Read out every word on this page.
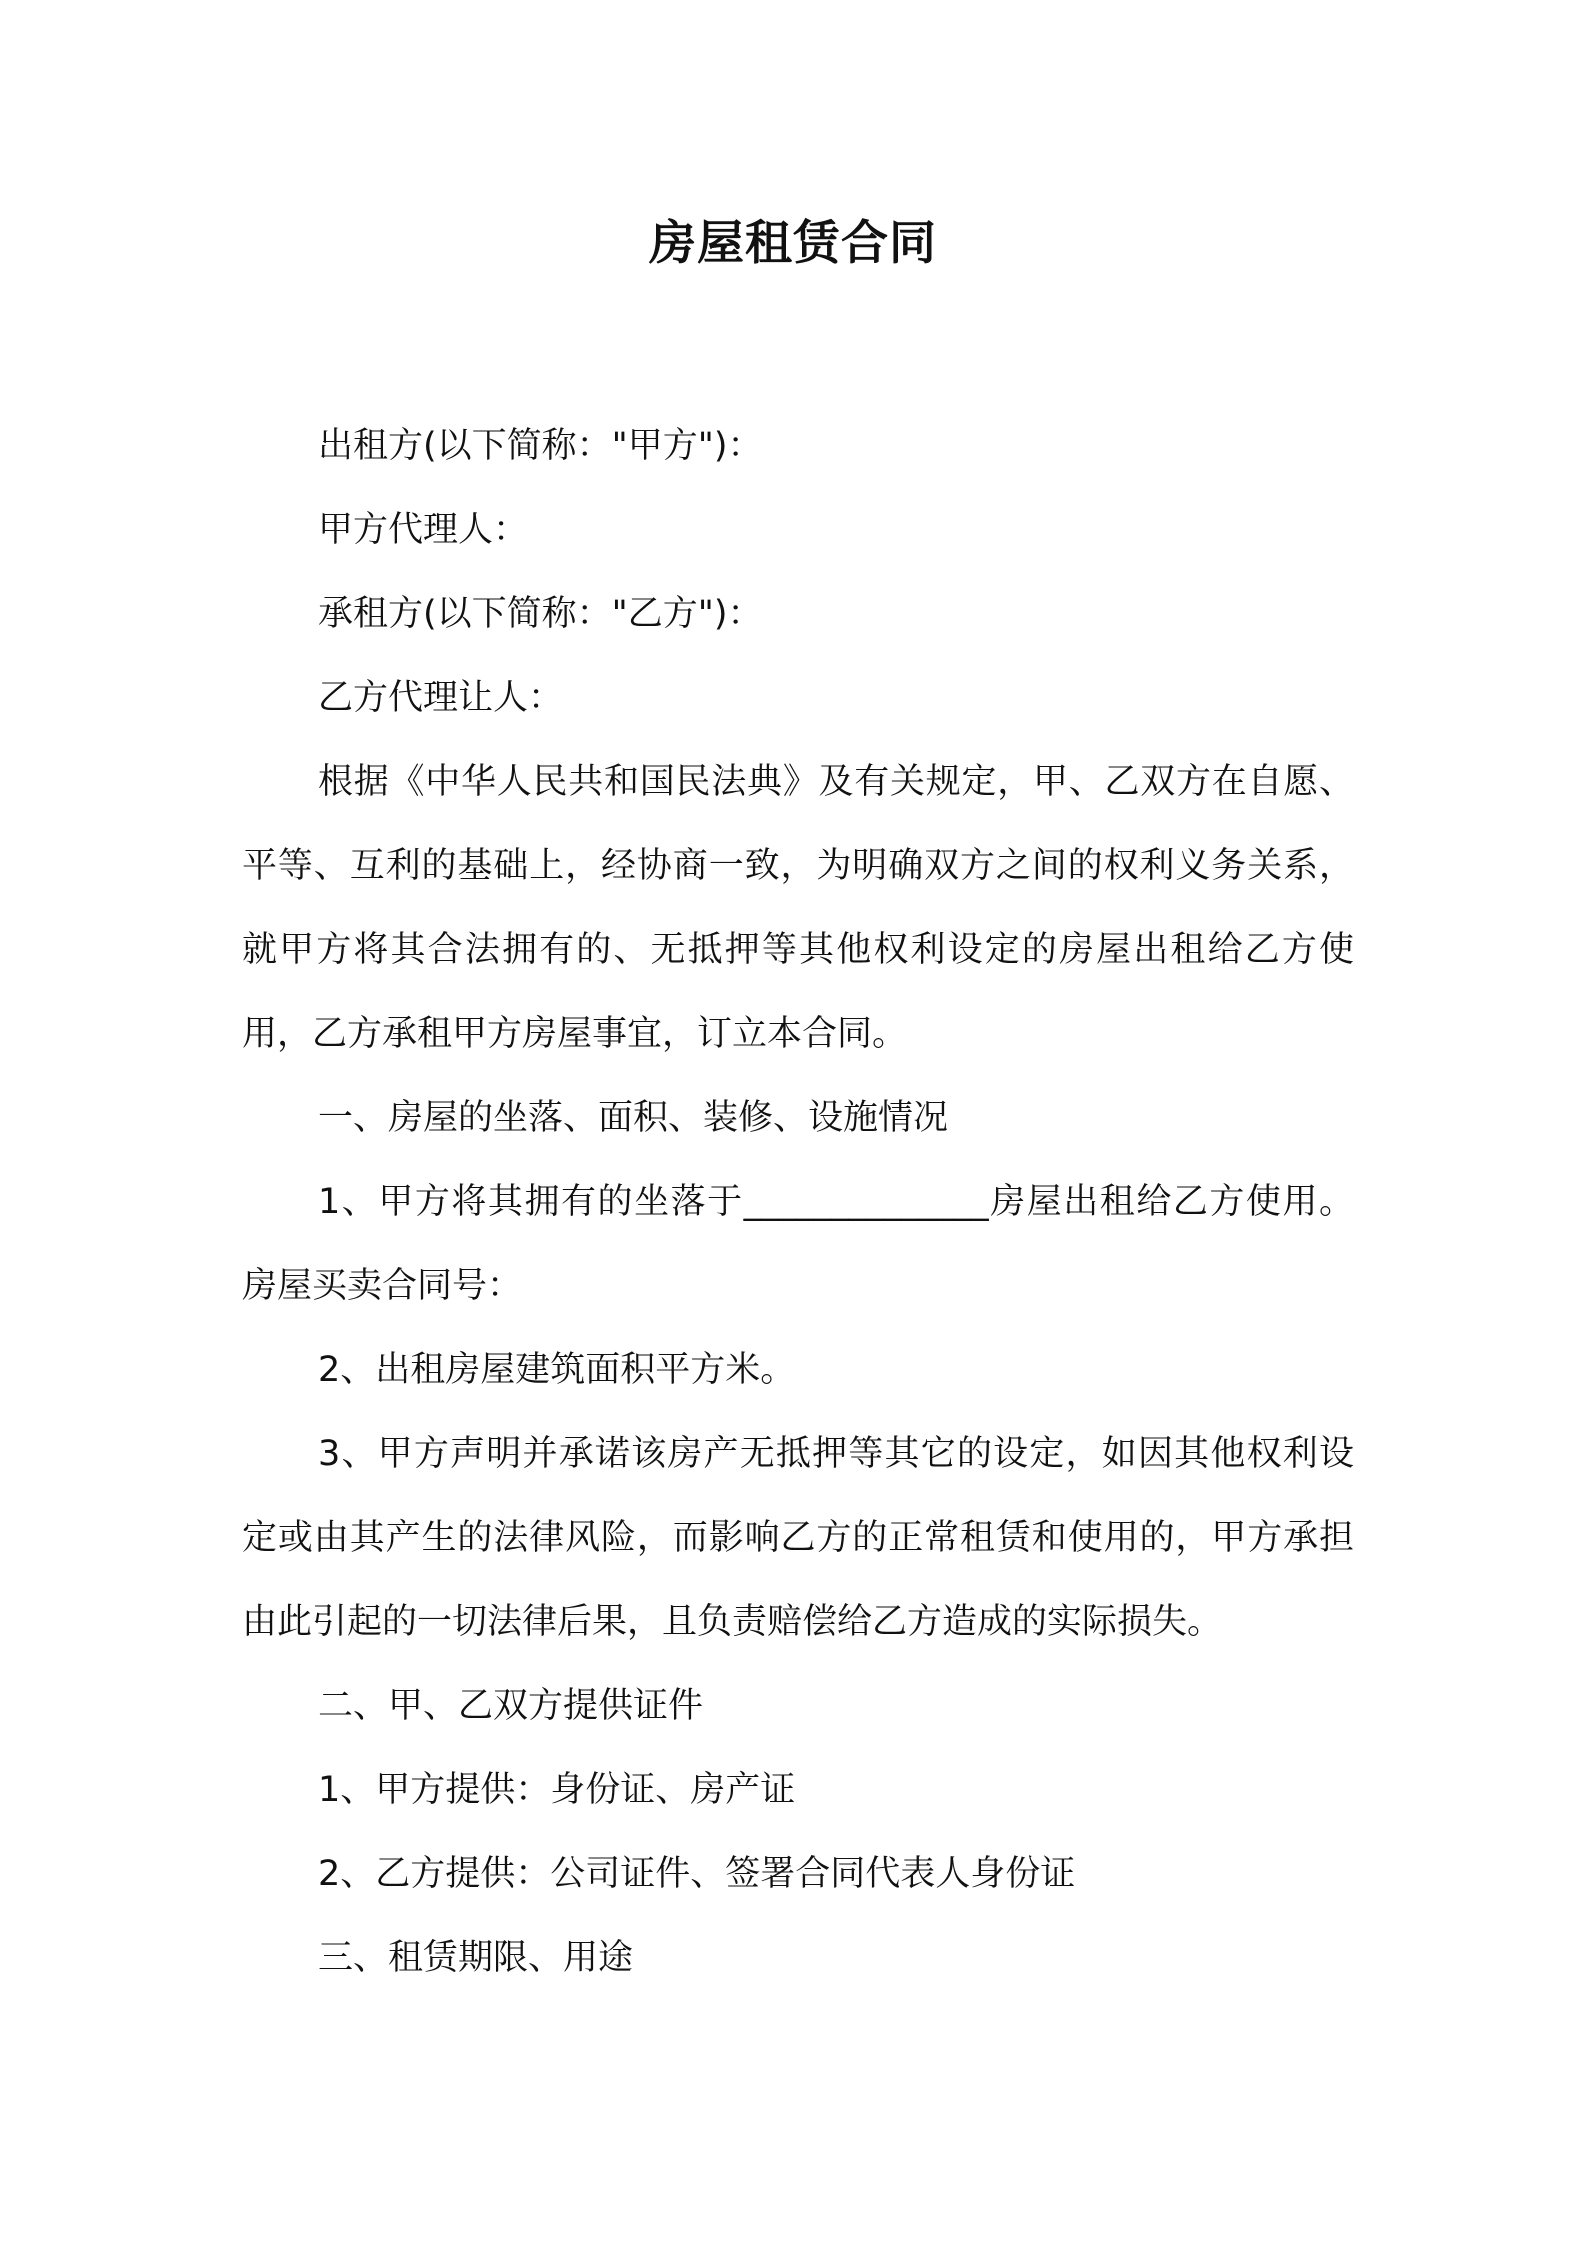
房屋租赁合同

出租方(以下简称："甲方")：

甲方代理人：

承租方(以下简称："乙方")：

乙方代理让人：

根据《中华人民共和国民法典》及有关规定，甲、乙双方在自愿、平等、互利的基础上，经协商一致，为明确双方之间的权利义务关系，就甲方将其合法拥有的、无抵押等其他权利设定的房屋出租给乙方使用，乙方承租甲方房屋事宜，订立本合同。

一、房屋的坐落、面积、装修、设施情况

1、甲方将其拥有的坐落于______________房屋出租给乙方使用。房屋买卖合同号：

2、出租房屋建筑面积平方米。

3、甲方声明并承诺该房产无抵押等其它的设定，如因其他权利设定或由其产生的法律风险，而影响乙方的正常租赁和使用的，甲方承担由此引起的一切法律后果，且负责赔偿给乙方造成的实际损失。

二、甲、乙双方提供证件

1、甲方提供：身份证、房产证

2、乙方提供：公司证件、签署合同代表人身份证

三、租赁期限、用途
